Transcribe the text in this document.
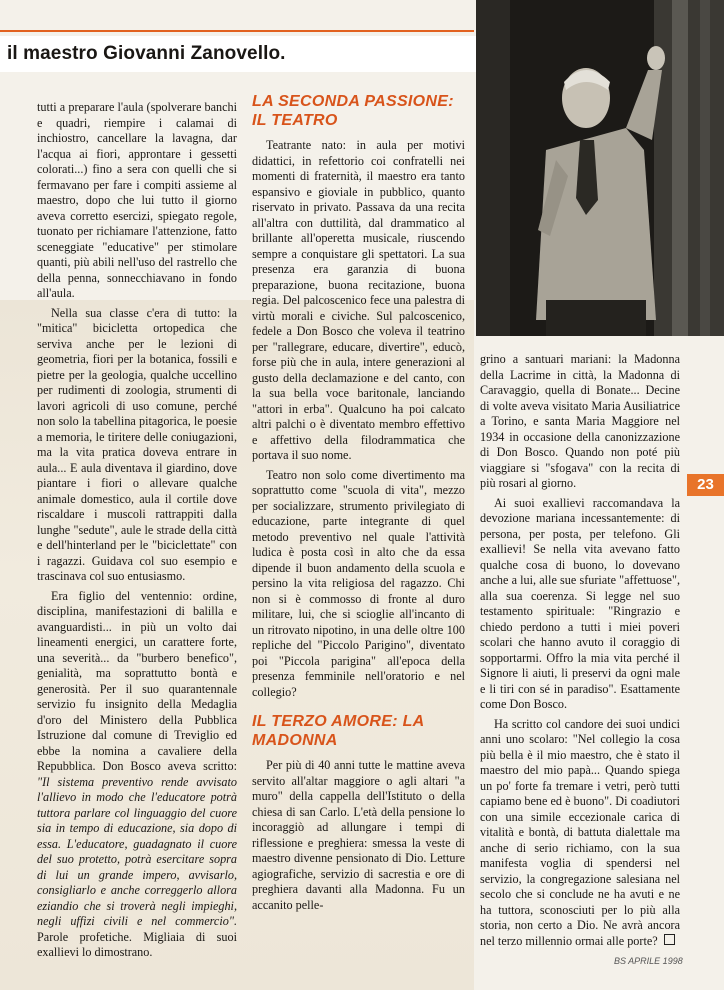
il maestro Giovanni Zanovello.

tutti a preparare l'aula (spolverare banchi e quadri, riempire i calamai di inchiostro, cancellare la lavagna, dar l'acqua ai fiori, approntare i gessetti colorati...) fino a sera con quelli che si fermavano per fare i compiti assieme al maestro, dopo che lui tutto il giorno aveva corretto esercizi, spiegato regole, tuonato per richiamare l'attenzione, fatto sceneggiate "educative" per stimolare quanti, più abili nell'uso del rastrello che della penna, sonnecchiavano in fondo all'aula.

Nella sua classe c'era di tutto: la "mitica" bicicletta ortopedica che serviva anche per le lezioni di geometria, fiori per la botanica, fossili e pietre per la geologia, qualche uccellino per rudimenti di zoologia, strumenti di lavori agricoli di uso comune, perché non solo la tabellina pitagorica, le poesie a memoria, le tiritere delle coniugazioni, ma la vita pratica doveva entrare in aula... E aula diventava il giardino, dove piantare i fiori o allevare qualche animale domestico, aula il cortile dove riscaldare i muscoli rattrappiti dalla lunghe "sedute", aule le strade della città e dell'hinterland per le "biciclettate" con i ragazzi. Guidava col suo esempio e trascinava col suo entusiasmo.

Era figlio del ventennio: ordine, disciplina, manifestazioni di balilla e avanguardisti... in più un volto dai lineamenti energici, un carattere forte, una severità... da "burbero benefico", genialità, ma soprattutto bontà e generosità. Per il suo quarantennale servizio fu insignito della Medaglia d'oro del Ministero della Pubblica Istruzione dal comune di Treviglio ed ebbe la nomina a cavaliere della Repubblica. Don Bosco aveva scritto: "Il sistema preventivo rende avvisato l'allievo in modo che l'educatore potrà tuttora parlare col linguaggio del cuore sia in tempo di educazione, sia dopo di essa. L'educatore, guadagnato il cuore del suo protetto, potrà esercitare sopra di lui un grande impero, avvisarlo, consigliarlo e anche correggerlo allora eziandio che si troverà negli impieghi, negli uffizi civili e nel commercio". Parole profetiche. Migliaia di suoi exallievi lo dimostrano.

LA SECONDA PASSIONE: IL TEATRO

Teatrante nato: in aula per motivi didattici, in refettorio coi confratelli nei momenti di fraternità, il maestro era tanto espansivo e gioviale in pubblico, quanto riservato in privato. Passava da una recita all'altra con duttilità, dal drammatico al brillante all'operetta musicale, riuscendo sempre a conquistare gli spettatori. La sua presenza era garanzia di buona preparazione, buona recitazione, buona regia. Del palcoscenico fece una palestra di virtù morali e civiche. Sul palcoscenico, fedele a Don Bosco che voleva il teatrino per "rallegrare, educare, divertire", educò, forse più che in aula, intere generazioni al gusto della declamazione e del canto, con la sua bella voce baritonale, lanciando "attori in erba". Qualcuno ha poi calcato altri palchi o è diventato membro effettivo e affettivo della filodrammatica che portava il suo nome.

Teatro non solo come divertimento ma soprattutto come "scuola di vita", mezzo per socializzare, strumento privilegiato di educazione, parte integrante di quel metodo preventivo nel quale l'attività ludica è posta così in alto che da essa dipende il buon andamento della scuola e persino la vita religiosa del ragazzo. Chi non si è commosso di fronte al duro militare, lui, che si scioglie all'incanto di un ritrovato nipotino, in una delle oltre 100 repliche del "Piccolo Parigino", diventato poi "Piccola parigina" all'epoca della presenza femminile nell'oratorio e nel collegio?

IL TERZO AMORE: LA MADONNA

Per più di 40 anni tutte le mattine aveva servito all'altar maggiore o agli altari "a muro" della cappella dell'Istituto o della chiesa di san Carlo. L'età della pensione lo incoraggiò ad allungare i tempi di riflessione e preghiera: smessa la veste di maestro divenne pensionato di Dio. Letture agiografiche, servizio di sacrestia e ore di preghiera davanti alla Madonna. Fu un accanito pelle-

grino a santuari mariani: la Madonna della Lacrime in città, la Madonna di Caravaggio, quella di Bonate... Decine di volte aveva visitato Maria Ausiliatrice a Torino, e santa Maria Maggiore nel 1934 in occasione della canonizzazione di Don Bosco. Quando non poté più viaggiare si "sfogava" con la recita di più rosari al giorno.

Ai suoi exallievi raccomandava la devozione mariana incessantemente: di persona, per posta, per telefono. Gli exallievi! Se nella vita avevano fatto qualche cosa di buono, lo dovevano anche a lui, alle sue sfuriate "affettuose", alla sua coerenza. Si legge nel suo testamento spirituale: "Ringrazio e chiedo perdono a tutti i miei poveri scolari che hanno avuto il coraggio di sopportarmi. Offro la mia vita perché il Signore li aiuti, li preservi da ogni male e li tiri con sé in paradiso". Esattamente come Don Bosco.

Ha scritto col candore dei suoi undici anni uno scolaro: "Nel collegio la cosa più bella è il mio maestro, che è stato il maestro del mio papà... Quando spiega un po' forte fa tremare i vetri, però tutti capiamo bene ed è buono". Di coadiutori con una simile eccezionale carica di vitalità e bontà, di battuta dialettale ma anche di serio richiamo, con la sua manifesta voglia di spendersi nel servizio, la congregazione salesiana nel secolo che si conclude ne ha avuti e ne ha tuttora, sconosciuti per lo più alla storia, non certo a Dio. Ne avrà ancora nel terzo millennio ormai alle porte?

23
BS APRILE 1998
